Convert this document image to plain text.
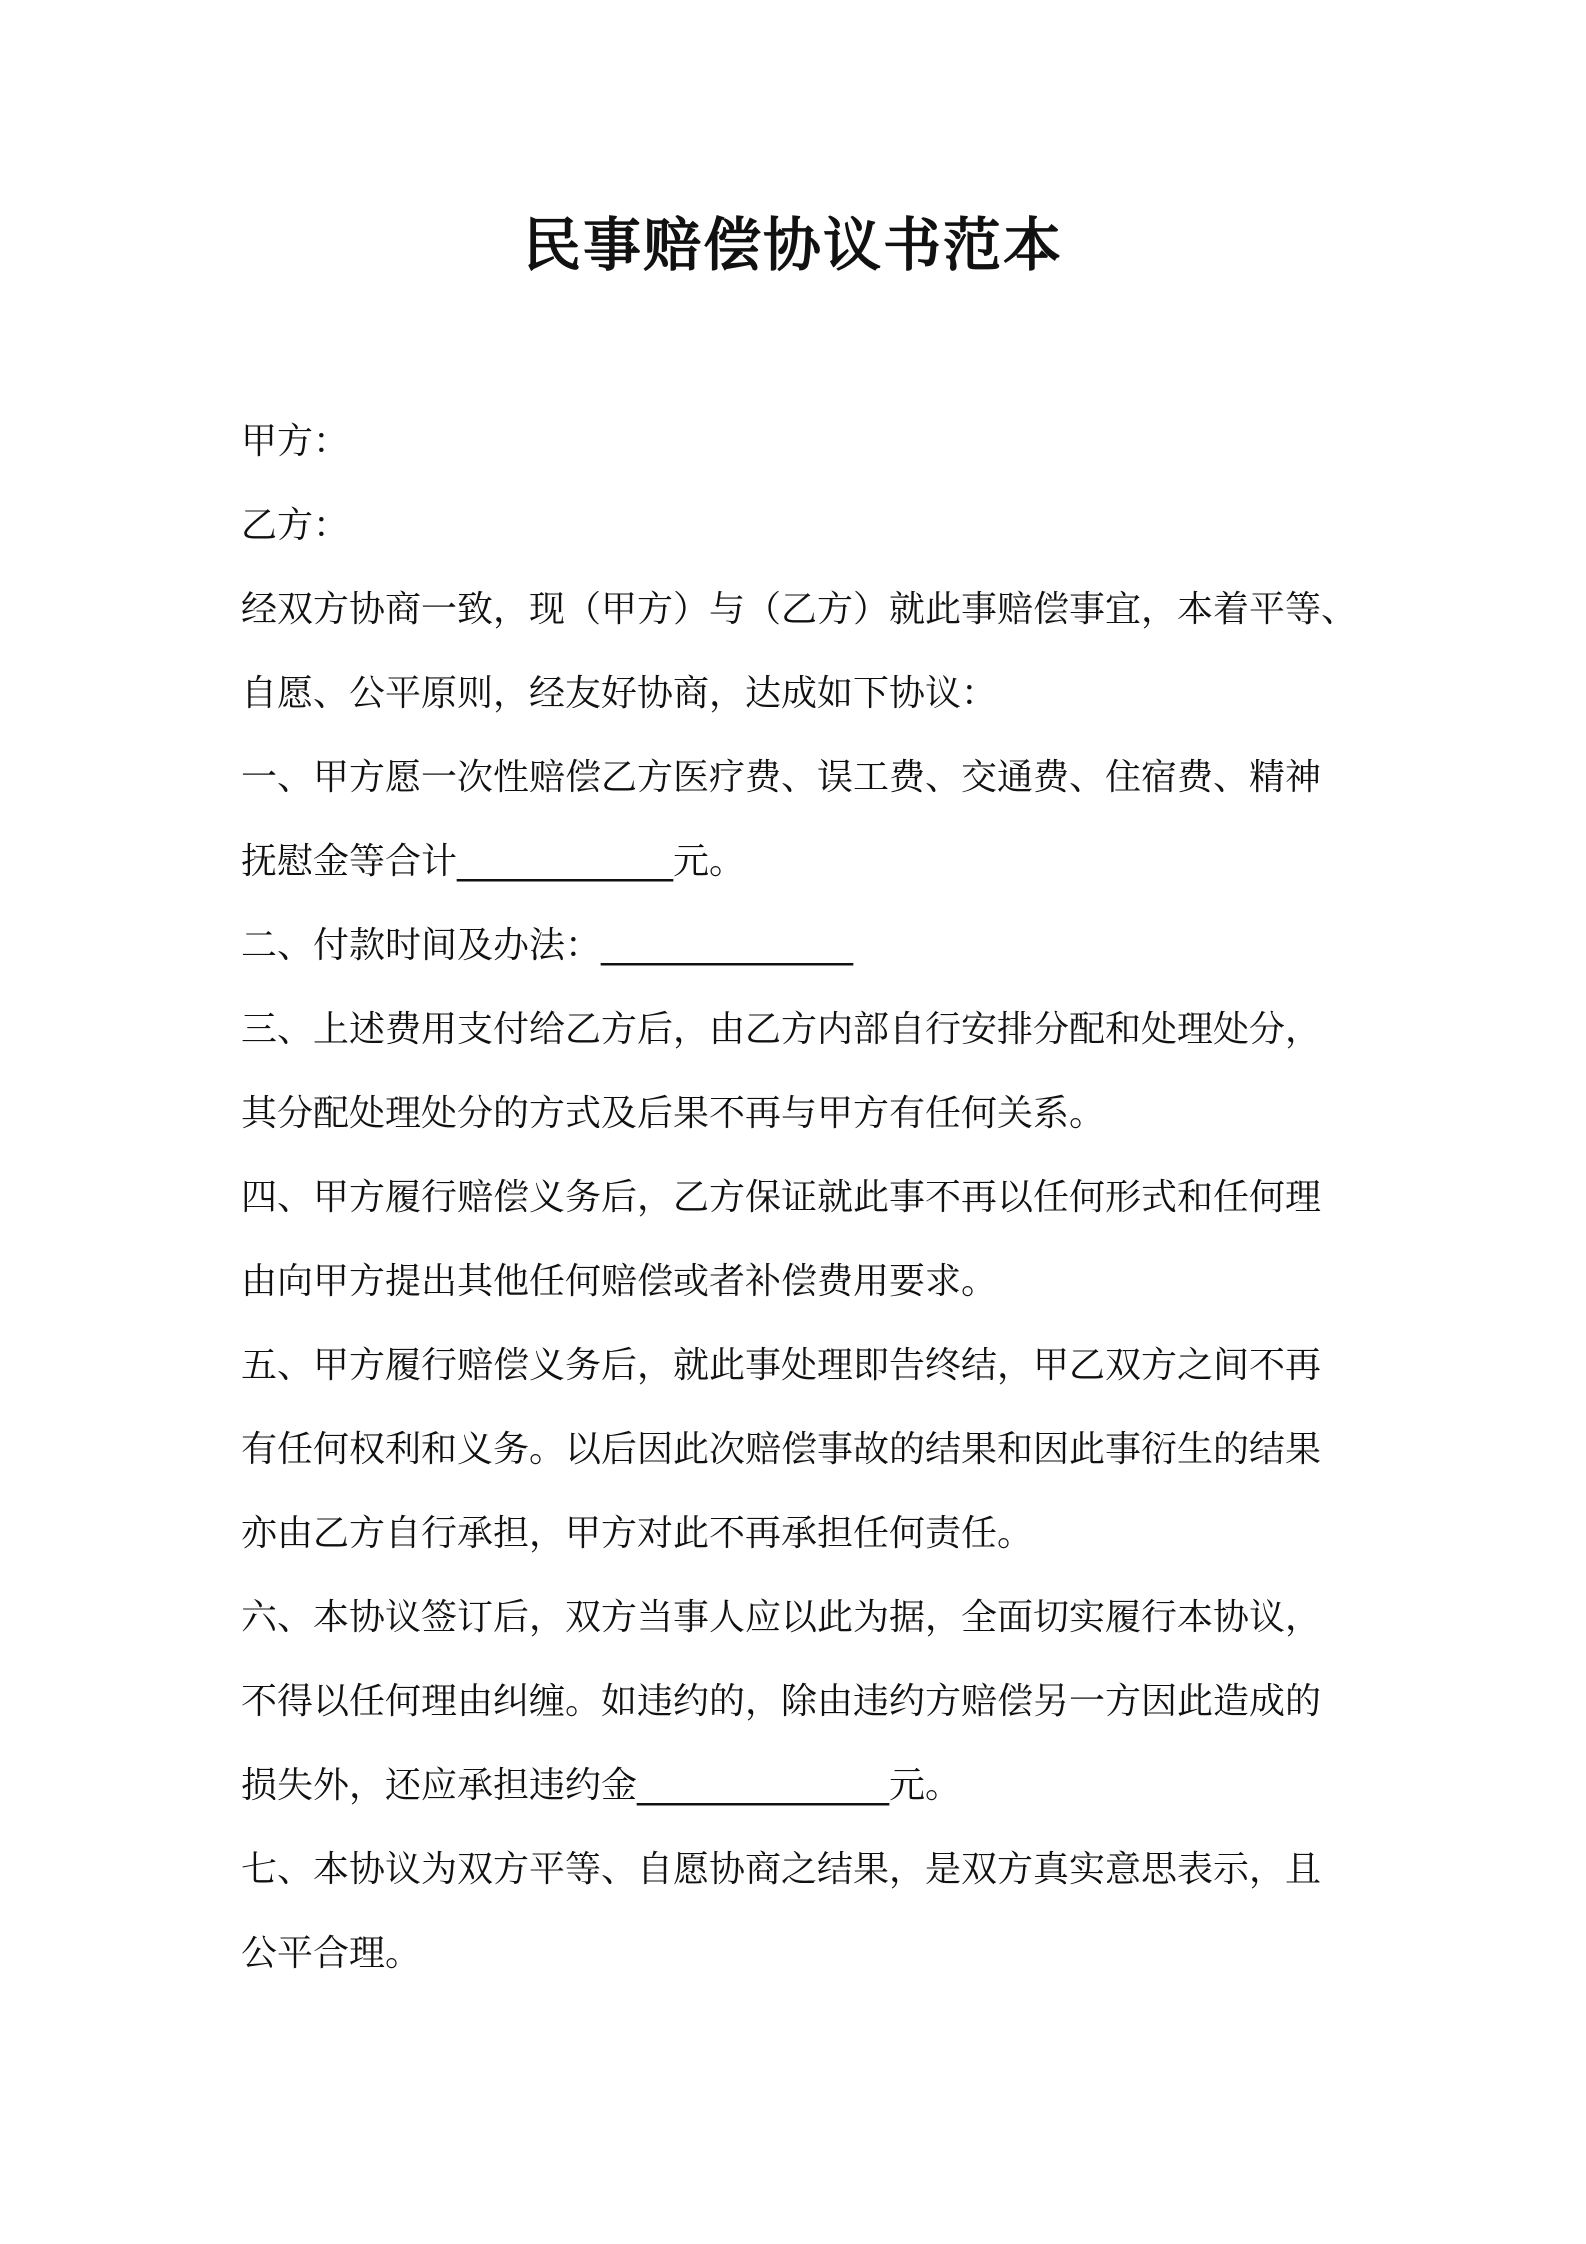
民事赔偿协议书范本

甲方：

乙方：

经双方协商一致，现（甲方）与（乙方）就此事赔偿事宜，本着平等、

自愿、公平原则，经友好协商，达成如下协议：

一、甲方愿一次性赔偿乙方医疗费、误工费、交通费、住宿费、精神

抚慰金等合计____________元。

二、付款时间及办法：______________

三、上述费用支付给乙方后，由乙方内部自行安排分配和处理处分，

其分配处理处分的方式及后果不再与甲方有任何关系。

四、甲方履行赔偿义务后，乙方保证就此事不再以任何形式和任何理

由向甲方提出其他任何赔偿或者补偿费用要求。

五、甲方履行赔偿义务后，就此事处理即告终结，甲乙双方之间不再

有任何权利和义务。以后因此次赔偿事故的结果和因此事衍生的结果

亦由乙方自行承担，甲方对此不再承担任何责任。

六、本协议签订后，双方当事人应以此为据，全面切实履行本协议，

不得以任何理由纠缠。如违约的，除由违约方赔偿另一方因此造成的

损失外，还应承担违约金______________元。

七、本协议为双方平等、自愿协商之结果，是双方真实意思表示，且

公平合理。
